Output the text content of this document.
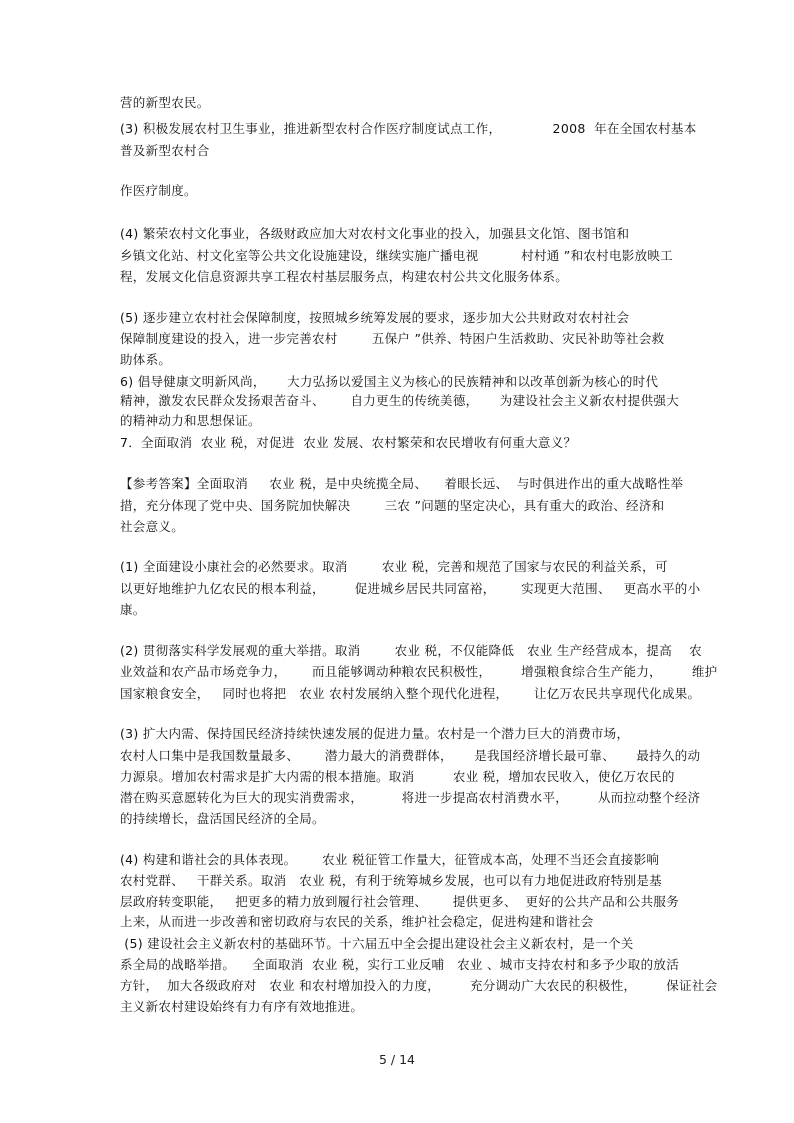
营的新型农民。
(3) 积极发展农村卫生事业，推进新型农村合作医疗制度试点工作，            2008  年在全国农村基本
普及新型农村合
作医疗制度。
(4) 繁荣农村文化事业，各级财政应加大对农村文化事业的投入，加强县文化馆、图书馆和
乡镇文化站、村文化室等公共文化设施建设，继续实施广播电视          村村通 ”和农村电影放映工
程，发展文化信息资源共享工程农村基层服务点，构建农村公共文化服务体系。
(5) 逐步建立农村社会保障制度，按照城乡统筹发展的要求，逐步加大公共财政对农村社会
保障制度建设的投入，进一步完善农村        五保户 ”供养、特困户生活救助、灾民补助等社会救
助体系。
6) 倡导健康文明新风尚，     大力弘扬以爱国主义为核心的民族精神和以改革创新为核心的时代
精神，激发农民群众发扬艰苦奋斗、      自力更生的传统美德，     为建设社会主义新农村提供强大
的精神动力和思想保证。
7．全面取消  农业 税，对促进  农业 发展、农村繁荣和农民增收有何重大意义？
【参考答案】全面取消     农业 税，是中央统揽全局、    着眼长远、  与时俱进作出的重大战略性举
措，充分体现了党中央、国务院加快解决        三农 ”问题的坚定决心，具有重大的政治、经济和
社会意义。
(1) 全面建设小康社会的必然要求。取消        农业 税，完善和规范了国家与农民的利益关系，可
以更好地维护九亿农民的根本利益，       促进城乡居民共同富裕，      实现更大范围、   更高水平的小
康。
(2) 贯彻落实科学发展观的重大举措。取消        农业 税，不仅能降低   农业 生产经营成本，提高    农
业效益和农产品市场竞争力，      而且能够调动种粮农民积极性，       增强粮食综合生产能力，       维护
国家粮食安全，   同时也将把   农业 农村发展纳入整个现代化进程，      让亿万农民共享现代化成果。
(3) 扩大内需、保持国民经济持续快速发展的促进力量。农村是一个潜力巨大的消费市场，
农村人口集中是我国数量最多、      潜力最大的消费群体，     是我国经济增长最可靠、     最持久的动
力源泉。增加农村需求是扩大内需的根本措施。取消         农业 税，增加农民收入，使亿万农民的
潜在购买意愿转化为巨大的现实消费需求，         将进一步提高农村消费水平，       从而拉动整个经济
的持续增长，盘活国民经济的全局。
(4) 构建和谐社会的具体表现。      农业 税征管工作量大，征管成本高，处理不当还会直接影响
农村党群、   干群关系。取消   农业 税，有利于统筹城乡发展，也可以有力地促进政府特别是基
层政府转变职能，   把更多的精力放到履行社会管理、      提供更多、  更好的公共产品和公共服务
上来，从而进一步改善和密切政府与农民的关系，维护社会稳定，促进构建和谐社会
(5) 建设社会主义新农村的基础环节。十六届五中全会提出建设社会主义新农村，是一个关
系全局的战略举措。    全面取消  农业 税，实行工业反哺   农业 、城市支持农村和多予少取的放活
方针，  加大各级政府对   农业 和农村增加投入的力度，       充分调动广大农民的积极性，       保证社会
主义新农村建设始终有力有序有效地推进。
5 / 14
